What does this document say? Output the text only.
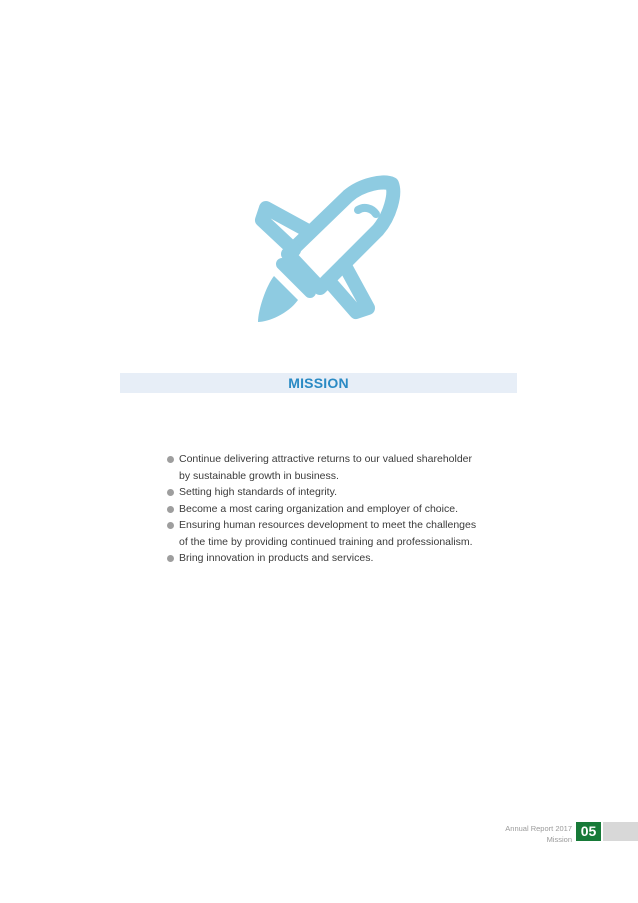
MISSION
Continue delivering attractive returns to our valued shareholder by sustainable growth in business.
Setting high standards of integrity.
Become a most caring organization and employer of choice.
Ensuring human resources development to meet the challenges of the time by providing continued training and professionalism.
Bring innovation in products and services.
Annual Report 2017
Mission
05
